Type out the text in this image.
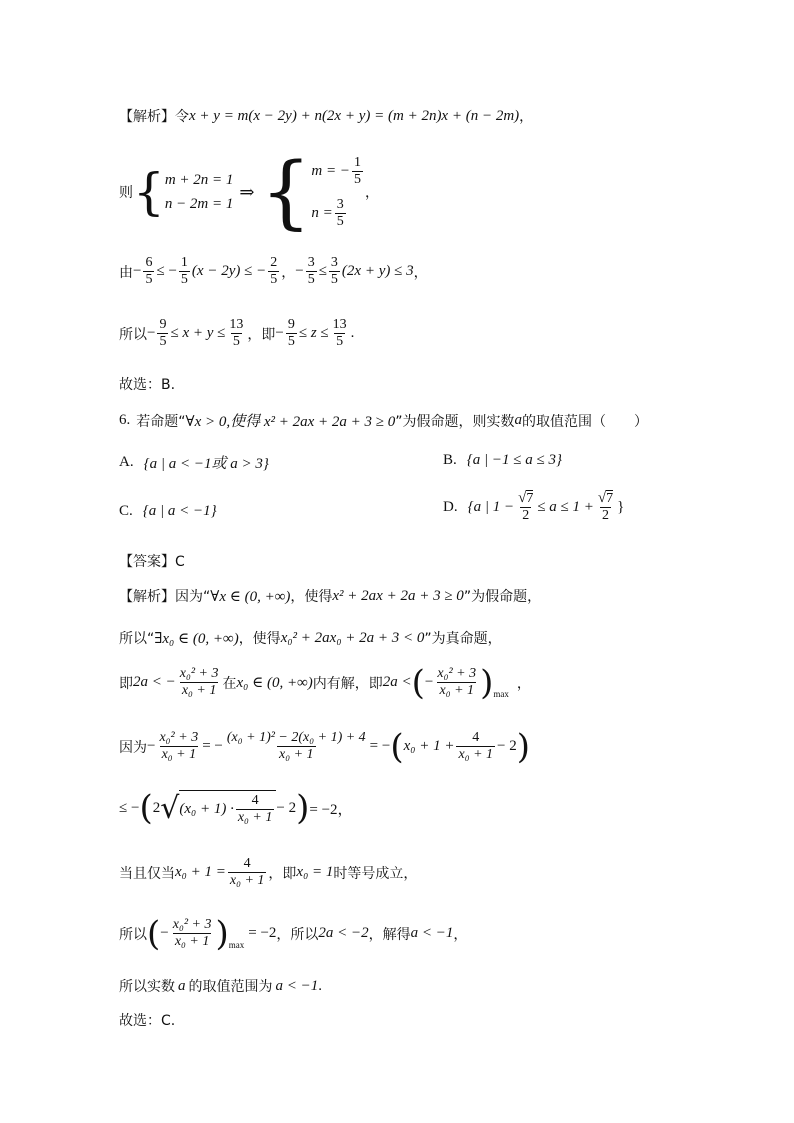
【解析】 令 x + y = m(x − 2y) + n(2x + y) = (m + 2n)x + (n − 2m) ，
则 { m + 2n = 1
n − 2m = 1
⇒ { m = − $\frac{1}{5}$
$n = \frac{3}{5}$
，
由 − $\frac{6}{5}$ ≤ − $\frac{1}{5} (x - 2y)$ ≤ − $\frac{2}{5}$ ， − $\frac{3}{5} \le \frac{3}{5} (2x + y) \le 3$ ，
所以 − $\frac{9}{5} \le x + y \le \frac{13}{5}$ ，即 − $\frac{9}{5} \le z \le \frac{13}{5}$ .
故选：B.
6. 若命题“ ∀x > 0,使得 x² + 2ax + 2a + 3 ≥ 0 ”为假命题，则实数 a 的取值范围（　　）
A. {a | a < −1或 a > 3}	B. {a | −1 ≤ a ≤ 3}
C. {a | a < −1}	D. {a | $1 - \frac{√7}{2} \le a \le 1 + \frac{√7}{2}$ }
【答案】C
【解析】 因为“ ∀x ∈ (0, +∞) ，使得 x² + 2ax + 2a + 3 ≥ 0 ”为假命题，
所以“ ∃x₀ ∈ (0, +∞) ，使得 x₀² + 2ax₀ + 2a + 3 < 0 ”为真命题，
即 2a < − $\frac{\text{x₀² + 3}}{\text{x₀ + 1}}$ 在 x₀ ∈ (0, +∞) 内有解，即 2a < ( − $\frac{\text{x₀² + 3}}{\text{x₀ + 1}}$ ) max
，
因为 − $\frac{\text{x₀² + 3}}{\text{x₀ + 1}}$ = − $\frac{\text{(x₀ + 1)² − 2(x₀ + 1) + 4}}{\text{x₀ + 1}}$ = − ( $x_0 + 1 + \frac{4}{\text{x₀ + 1}} - 2$ )
≤ − ( 2 √ $(x_0 + 1) \cdot \frac{4}{\text{x₀ + 1}} - 2$ ) = −2，
当且仅当 $x_0 + 1 = \frac{4}{\text{x₀ + 1}}$ ，即 x₀ = 1 时等号成立，
所以 ( − $\frac{\text{x₀² + 3}}{\text{x₀ + 1}}$ ) max
= −2 ，所以 2a < −2 ，解得 a < −1 ，
所以实数 a 的取值范围为 a < −1 .
故选：C.
